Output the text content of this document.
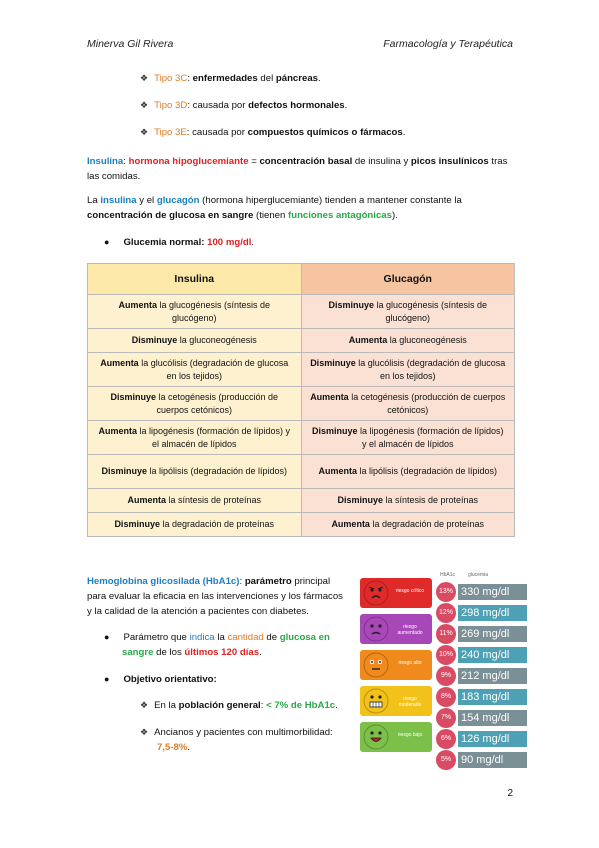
Minerva Gil Rivera	Farmacología y Terapéutica
❖ Tipo 3C: enfermedades del páncreas.
❖ Tipo 3D: causada por defectos hormonales.
❖ Tipo 3E: causada por compuestos químicos o fármacos.
Insulina: hormona hipoglucemiante = concentración basal de insulina y picos insulínicos tras
las comidas.
La insulina y el glucagón (hormona hiperglucemiante) tienden a mantener constante la
concentración de glucosa en sangre (tienen funciones antagónicas).
● Glucemia normal: 100 mg/dl.
Insulina	Glucagón
Aumenta la glucogénesis (síntesis de glucógeno)	Disminuye la glucogénesis (síntesis de glucógeno)
Disminuye la gluconeogénesis	Aumenta la gluconeogénesis
Aumenta la glucólisis (degradación de glucosa en los tejidos)	Disminuye la glucólisis (degradación de glucosa en los tejidos)
Disminuye la cetogénesis (producción de cuerpos cetónicos)	Aumenta la cetogénesis (producción de cuerpos cetónicos)
Aumenta la lipogénesis (formación de lípidos) y el almacén de lípidos	Disminuye la lipogénesis (formación de lípidos) y el almacén de lípidos
Disminuye la lipólisis (degradación de lípidos)	Aumenta la lipólisis (degradación de lípidos)
Aumenta la síntesis de proteínas	Disminuye la síntesis de proteínas
Disminuye la degradación de proteínas	Aumenta la degradación de proteínas
Hemoglobina glicosilada (HbA1c): parámetro principal
para evaluar la eficacia en las intervenciones y los fármacos
y la calidad de la atención a pacientes con diabetes.
● Parámetro que indica la cantidad de glucosa en
sangre de los últimos 120 días.
● Objetivo orientativo:
❖ En la población general: < 7% de HbA1c.
❖ Ancianos y pacientes con multimorbilidad:
7,5-8%.
HbA1c	glucemia
riesgo crítico
riesgo aumentado
riesgo alto
riesgo moderado
riesgo bajo
13% 330 mg/dl
12% 298 mg/dl
11% 269 mg/dl
10% 240 mg/dl
9% 212 mg/dl
8% 183 mg/dl
7% 154 mg/dl
6% 126 mg/dl
5% 90 mg/dl
2
